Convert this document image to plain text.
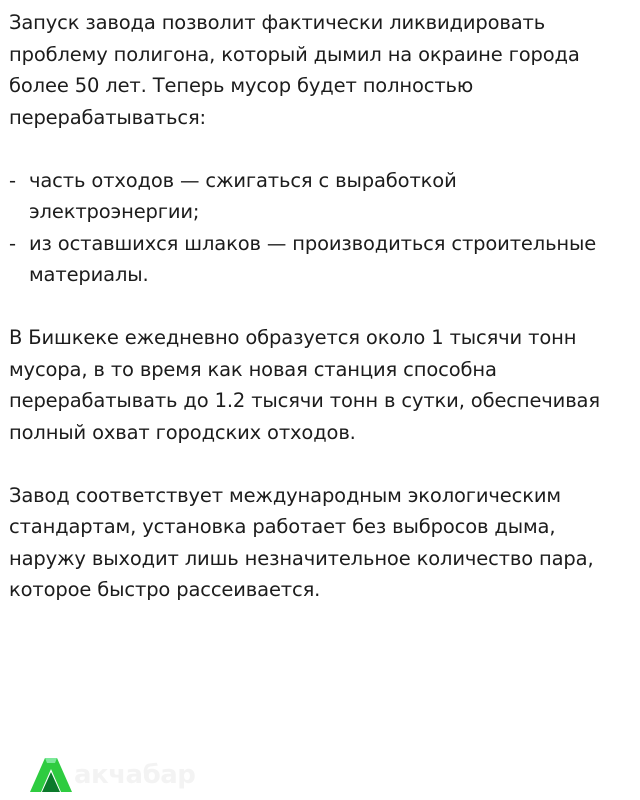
Запуск завода позволит фактически ликвидировать проблему полигона, который дымил на окраине города более 50 лет. Теперь мусор будет полностью перерабатываться:

- часть отходов — сжигаться с выработкой электроэнергии;
- из оставшихся шлаков — производиться строительные материалы.

В Бишкеке ежедневно образуется около 1 тысячи тонн мусора, в то время как новая станция способна перерабатывать до 1.2 тысячи тонн в сутки, обеспечивая полный охват городских отходов.

Завод соответствует международным экологическим стандартам, установка работает без выбросов дыма, наружу выходит лишь незначительное количество пара, которое быстро рассеивается.

акчабар
